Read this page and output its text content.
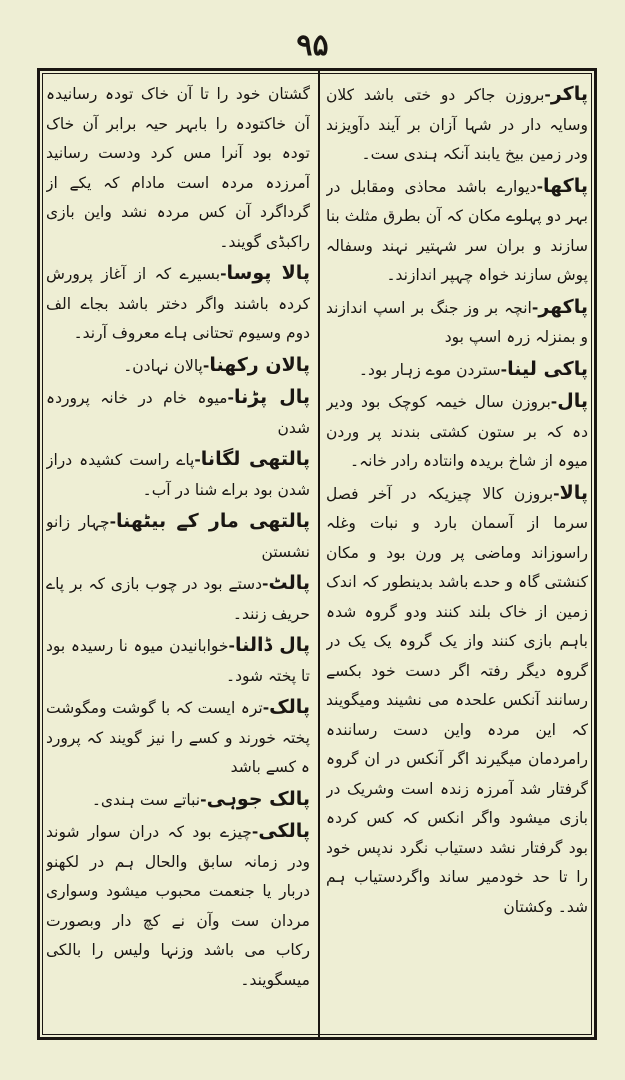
۹۵

پاکر-بروزن جاکر دو ختی باشد کلان وسایہ دار در شہا آزان بر آیند دآویزند ودر زمین بیخ یابند آنکہ ہندی ست۔

پاکھا-دیوارے باشد محاذی ومقابل در بہر دو پہلوے مکان کہ آن بطرق مثلث بنا سازند و بران سر شہتیر نہند وسفالہ پوش سازند خواہ چہپر اندازند۔

پاکھر-انچہ بر وز جنگ بر اسپ اندازند و بمنزلہ زرہ اسپ بود

پاکی لینا-ستردن موے زہار بود۔

پال-بروزن سال خیمہ کوچک بود ودیر دہ کہ بر ستون کشتی بندند پر وردن میوہ از شاخ بریدہ وانتادہ رادر خانہ۔

پالا-بروزن کالا چیزیکہ در آخر فصل سرما از آسمان بارد و نبات وغلہ راسوزاند وماضی پر ورن بود و مکان کنشتی گاہ و حدے باشد بدینطور کہ اندک زمین از خاک بلند کنند ودو گروہ شدہ باہم بازی کنند واز یک گروہ یک یک در گروہ دیگر رفتہ اگر دست خود بکسے رسانند آنکس علحدہ می نشیند ومیگویند کہ این مردہ واین دست رسانندہ رامردمان میگیرند اگر آنکس در ان گروہ گرفتار شد آمرزہ زندہ است وشریک در بازی میشود واگر انکس کہ کس کردہ بود گرفتار نشد دستیاب نگرد ندپس خود را تا حد خودمیر ساند واگردستیاب ہم شد۔ وکشتان

گشتان خود را تا آن خاک تودہ رسانیدہ آن خاکتودہ را بابہر حیہ برابر آن خاک تودہ بود آنرا مس کرد ودست رسانید آمرزدہ مردہ است مادام کہ یکے از گرداگرد آن کس مردہ نشد واین بازی راکبڈی گویند۔

پالا پوسا-بسیرے کہ از آغاز پرورش کردہ باشند واگر دختر باشد بجاے الف دوم وسیوم تحتانی ہاے معروف آرند۔

پالان رکھنا-پالان نہادن۔

پال پڑنا-میوہ خام در خانہ پروردہ شدن

پالتھی لگانا-پاے راست کشیدہ دراز شدن بود براے شنا در آب۔

پالتھی مار کے بیٹھنا-چہار زانو نشستن

پالٹ-دستے بود در چوب بازی کہ بر پاے حریف زنند۔

پال ڈالنا-خوابانیدن میوہ نا رسیدہ بود تا پختہ شود۔

پالک-ترہ ایست کہ با گوشت ومگوشت پختہ خورند و کسے را نیز گویند کہ پرورد ہ کسے باشد

پالک جوہی-نباتے ست ہندی۔

پالکی-چیزے بود کہ دران سوار شوند ودر زمانہ سابق والحال ہم در لکھنو دربار یا جنعمت محبوب میشود وسواری مردان ست وآن نے کچ دار وبصورت رکاب می باشد وزنہا ولیس را بالکی میسگویند۔
